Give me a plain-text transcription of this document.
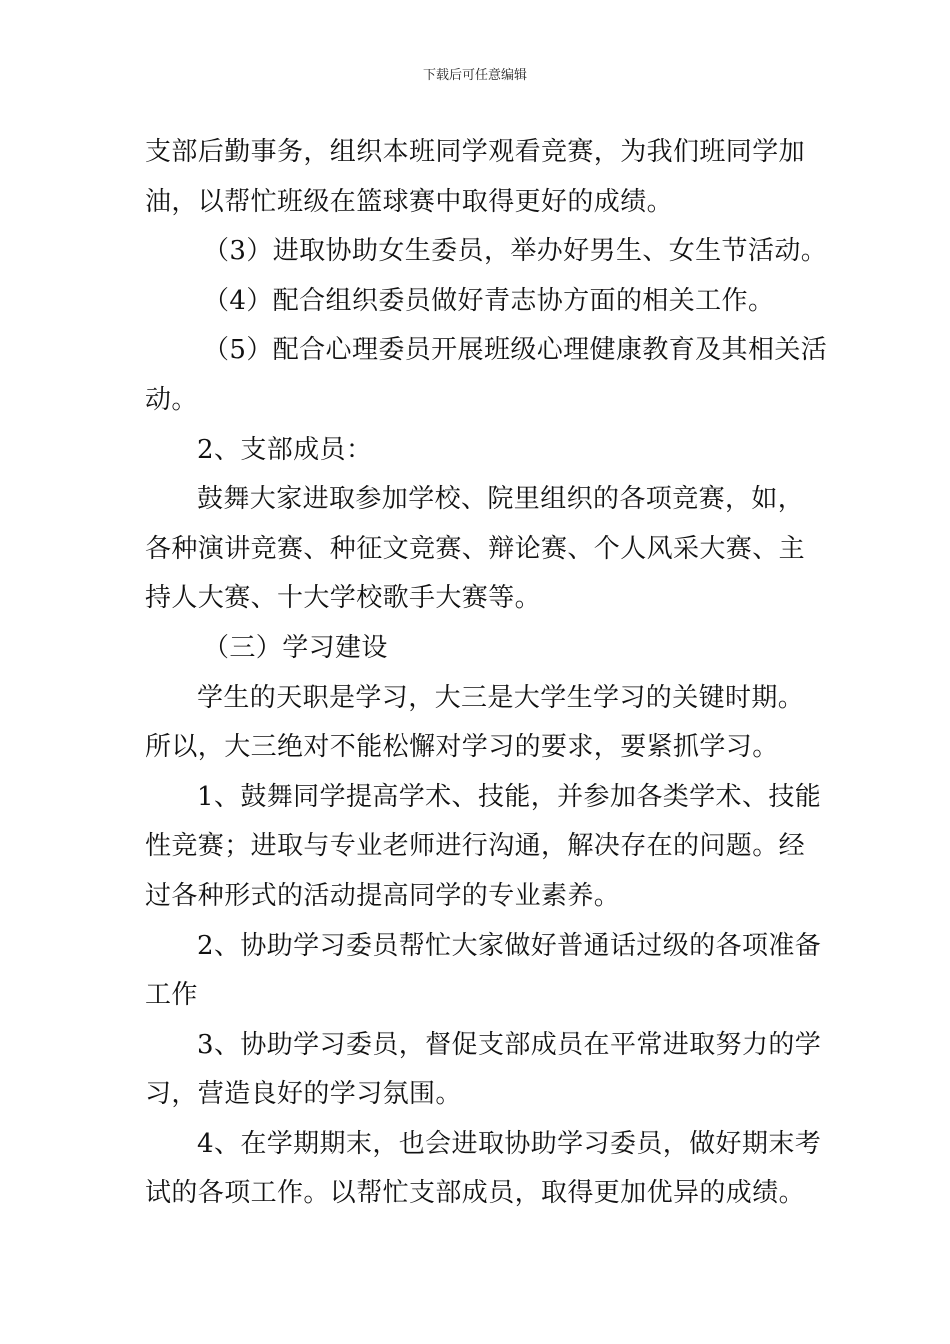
下载后可任意编辑

支部后勤事务，组织本班同学观看竞赛，为我们班同学加
油，以帮忙班级在篮球赛中取得更好的成绩。

（3）进取协助女生委员，举办好男生、女生节活动。

（4）配合组织委员做好青志协方面的相关工作。

（5）配合心理委员开展班级心理健康教育及其相关活
动。

2、支部成员：

鼓舞大家进取参加学校、院里组织的各项竞赛，如，
各种演讲竞赛、种征文竞赛、辩论赛、个人风采大赛、主
持人大赛、十大学校歌手大赛等。

（三）学习建设

学生的天职是学习，大三是大学生学习的关键时期。
所以，大三绝对不能松懈对学习的要求，要紧抓学习。

1、鼓舞同学提高学术、技能，并参加各类学术、技能
性竞赛；进取与专业老师进行沟通，解决存在的问题。经
过各种形式的活动提高同学的专业素养。

2、协助学习委员帮忙大家做好普通话过级的各项准备
工作

3、协助学习委员，督促支部成员在平常进取努力的学
习，营造良好的学习氛围。

4、在学期期末，也会进取协助学习委员，做好期末考
试的各项工作。以帮忙支部成员，取得更加优异的成绩。
